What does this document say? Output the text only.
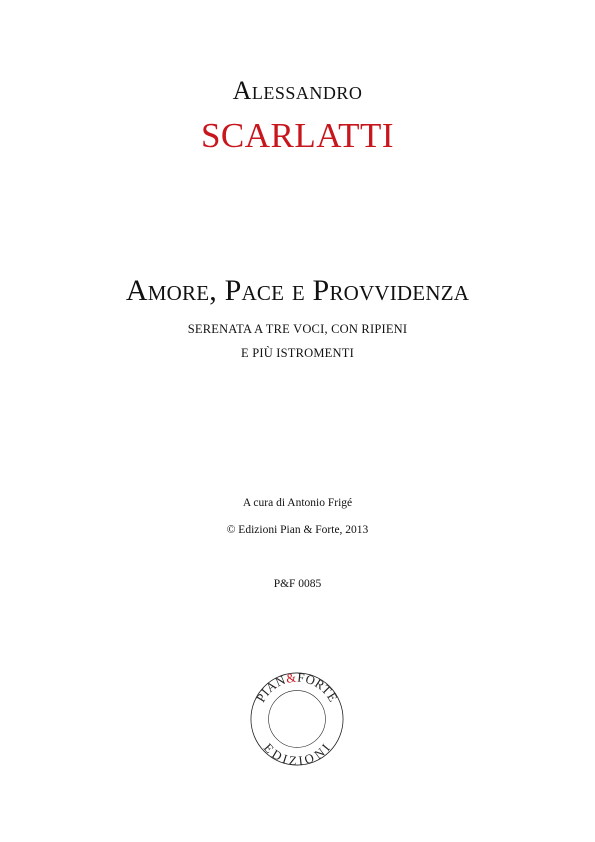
Alessandro
SCARLATTI
Amore, Pace e Provvidenza
SERENATA A TRE VOCI, CON RIPIENI
E PIÙ ISTROMENTI
A cura di Antonio Frigé
© Edizioni Pian & Forte, 2013
P&F 0085
PIAN&FORTE
EDIZIONI
